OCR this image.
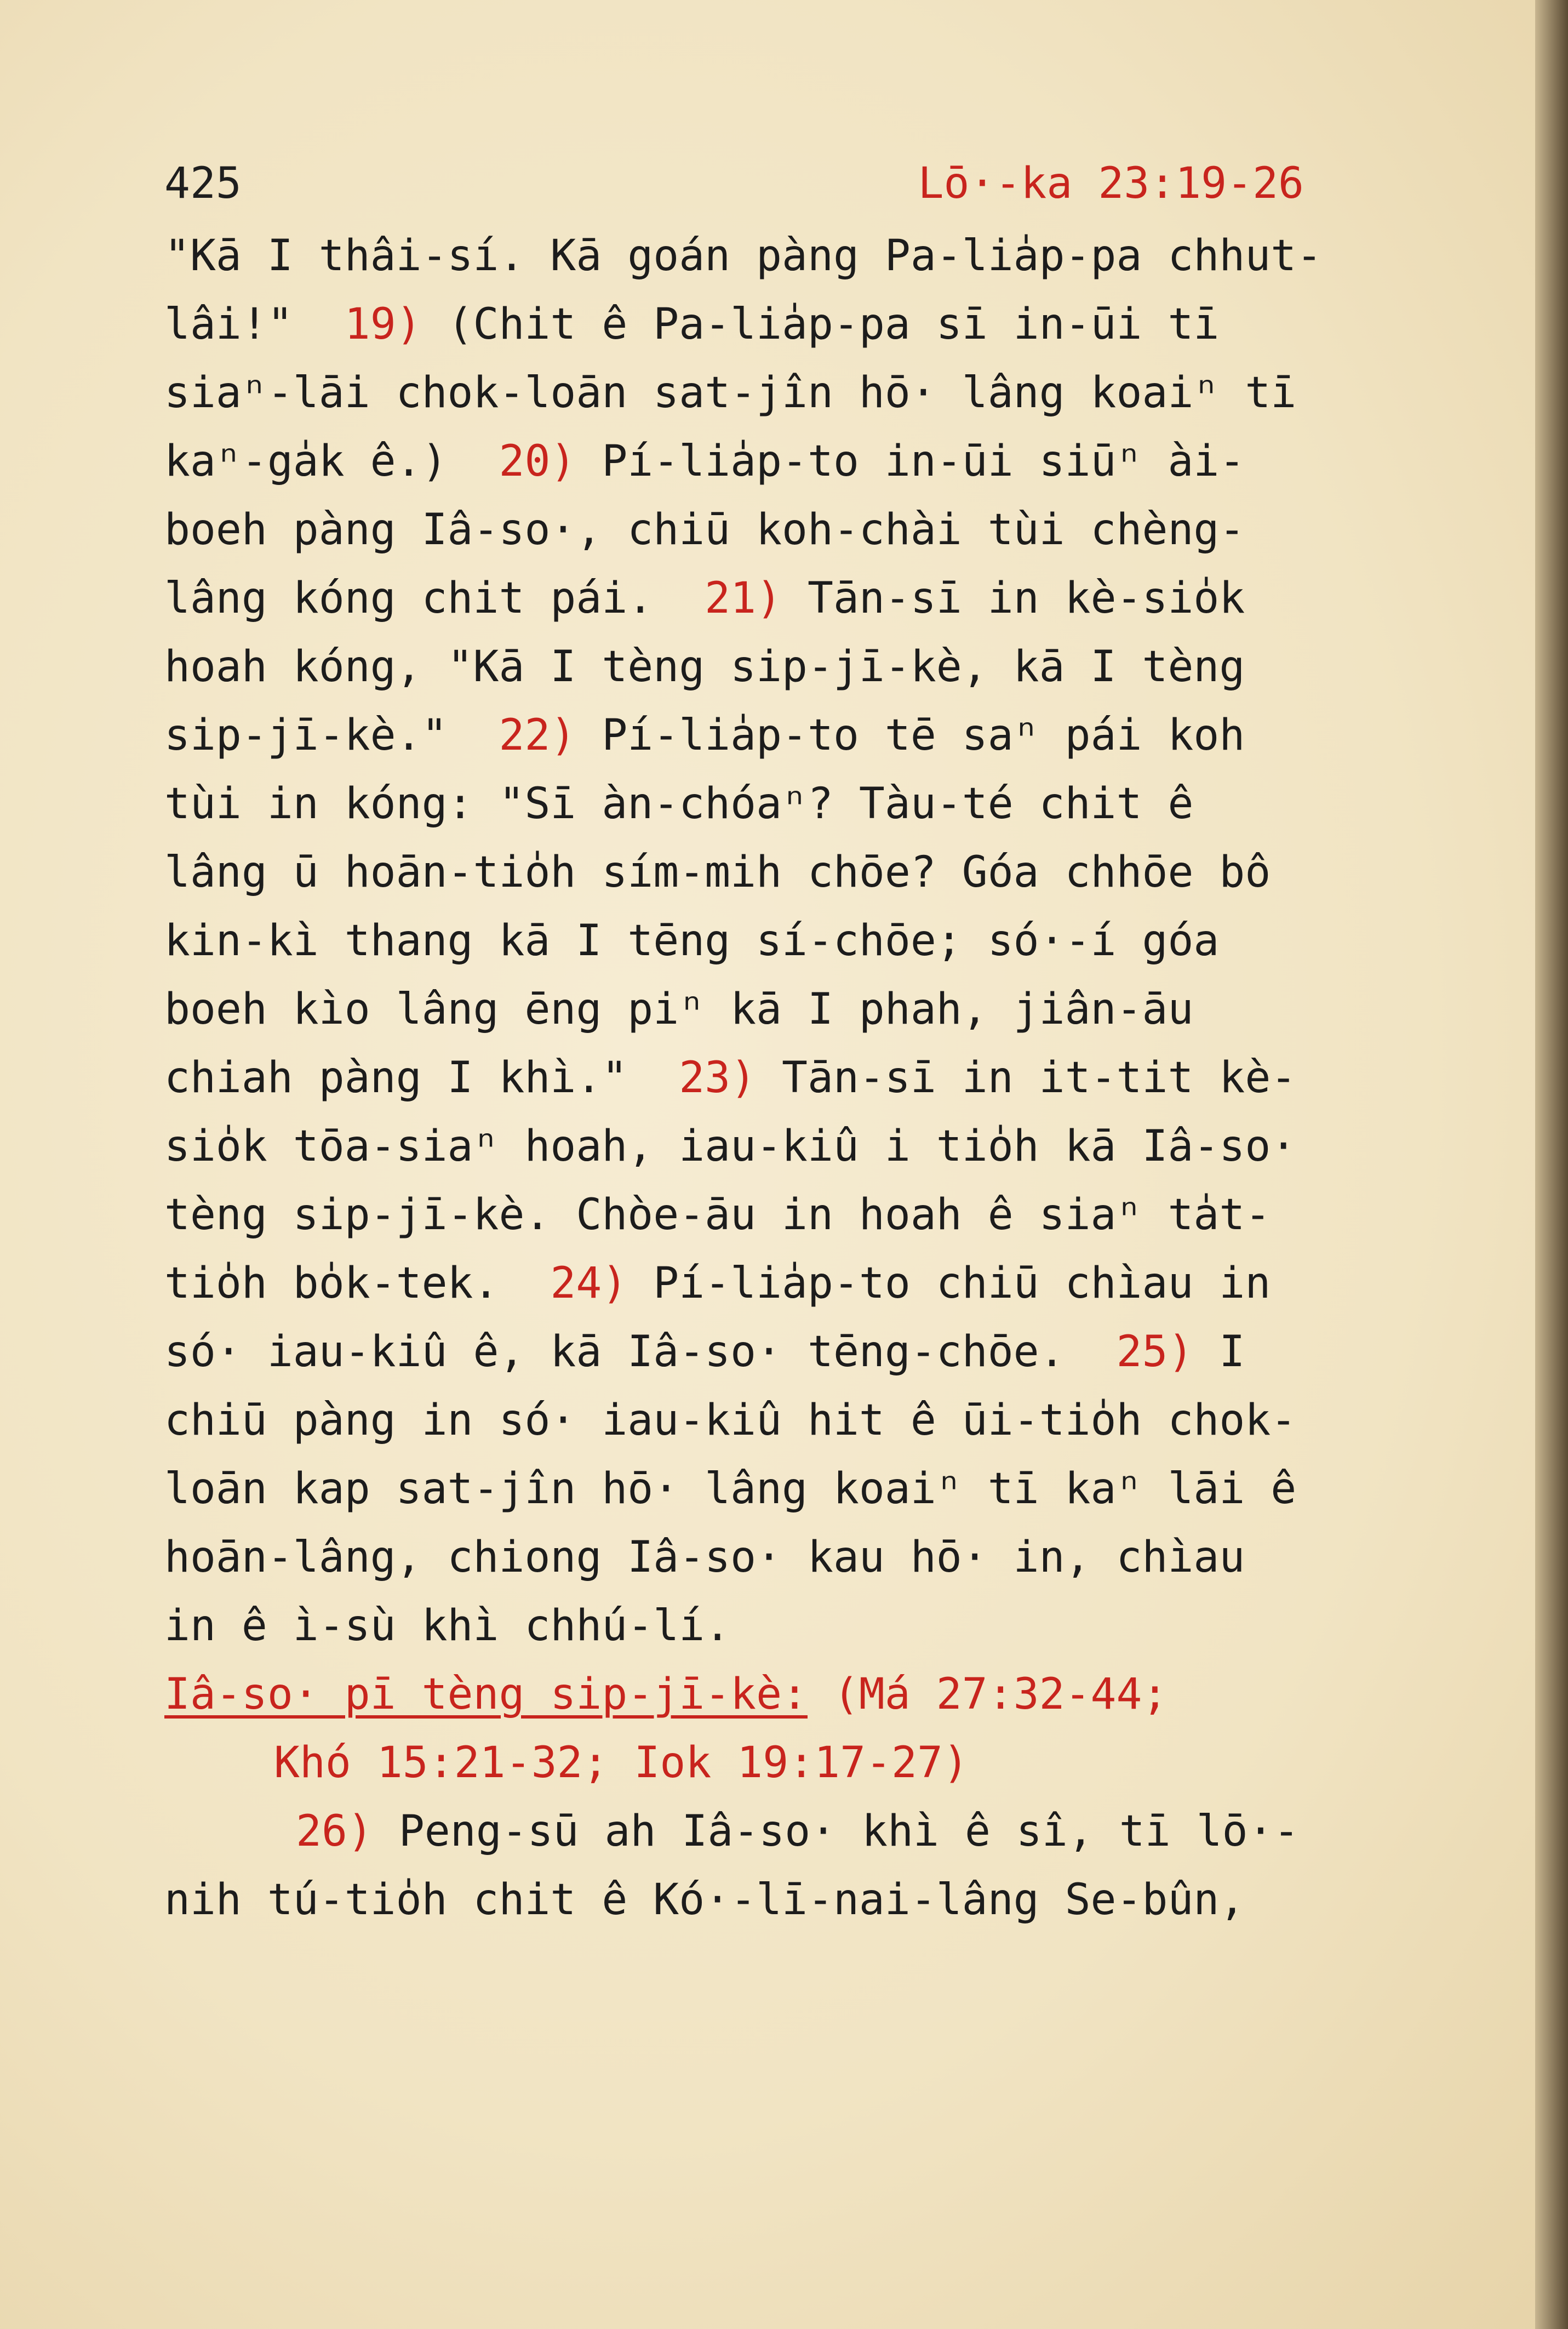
425	Lō·-ka 23:19-26
"Kā I thâi-sí. Kā goán pàng Pa-lia̍p-pa chhut-
lâi!"  19) (Chit ê Pa-lia̍p-pa sī in-ūi tī
siaⁿ-lāi chok-loān sat-jîn hō· lâng koaiⁿ tī
kaⁿ-ga̍k ê.)  20) Pí-lia̍p-to in-ūi siūⁿ ài-
boeh pàng Iâ-so·, chiū koh-chài tùi chèng-
lâng kóng chit pái.  21) Tān-sī in kè-sio̍k
hoah kóng, "Kā I tèng sip-jī-kè, kā I tèng
sip-jī-kè."  22) Pí-lia̍p-to tē saⁿ pái koh
tùi in kóng: "Sī àn-chóaⁿ? Tàu-té chit ê
lâng ū hoān-tio̍h sím-mih chōe? Góa chhōe bô
kin-kì thang kā I tēng sí-chōe; só·-í góa
boeh kìo lâng ēng piⁿ kā I phah, jiân-āu
chiah pàng I khì."  23) Tān-sī in it-tit kè-
sio̍k tōa-siaⁿ hoah, iau-kiû i tio̍h kā Iâ-so·
tèng sip-jī-kè. Chòe-āu in hoah ê siaⁿ ta̍t-
tio̍h bo̍k-tek.  24) Pí-lia̍p-to chiū chìau in
só· iau-kiû ê, kā Iâ-so· tēng-chōe.  25) I
chiū pàng in só· iau-kiû hit ê ūi-tio̍h chok-
loān kap sat-jîn hō· lâng koaiⁿ tī kaⁿ lāi ê
hoān-lâng, chiong Iâ-so· kau hō· in, chìau
in ê ì-sù khì chhú-lí.
Iâ-so· pī tèng sip-jī-kè: (Má 27:32-44;
Khó 15:21-32; Iok 19:17-27)
26) Peng-sū ah Iâ-so· khì ê sî, tī lō·-
nih tú-tio̍h chit ê Kó·-lī-nai-lâng Se-bûn,
